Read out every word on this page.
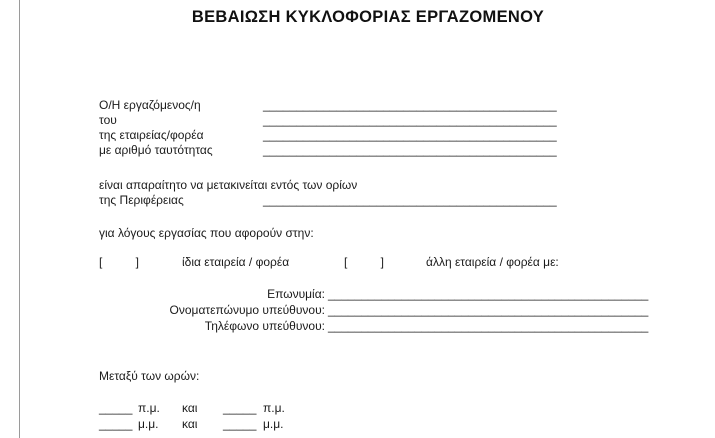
ΒΕΒΑΙΩΣΗ ΚΥΚΛΟΦΟΡΙΑΣ ΕΡΓΑΖΟΜΕΝΟΥ
Ο/Η εργαζόμενος/η	____________________________________________
του	____________________________________________
της εταιρείας/φορέα	____________________________________________
με αριθμό ταυτότητας	____________________________________________
είναι απαραίτητο να μετακινείται εντός των ορίων
της Περιφέρειας	____________________________________________
για λόγους εργασίας που αφορούν στην:
[          ]	ίδια εταιρεία / φορέα	[          ]	άλλη εταιρεία / φορέα με:
Επωνυμία: ________________________________________________
Ονοματεπώνυμο υπεύθυνου: ________________________________________________
Τηλέφωνο υπεύθυνου: ________________________________________________
Μεταξύ των ωρών:
_____ π.μ. και _____ π.μ.
_____ μ.μ. και _____ μ.μ.
